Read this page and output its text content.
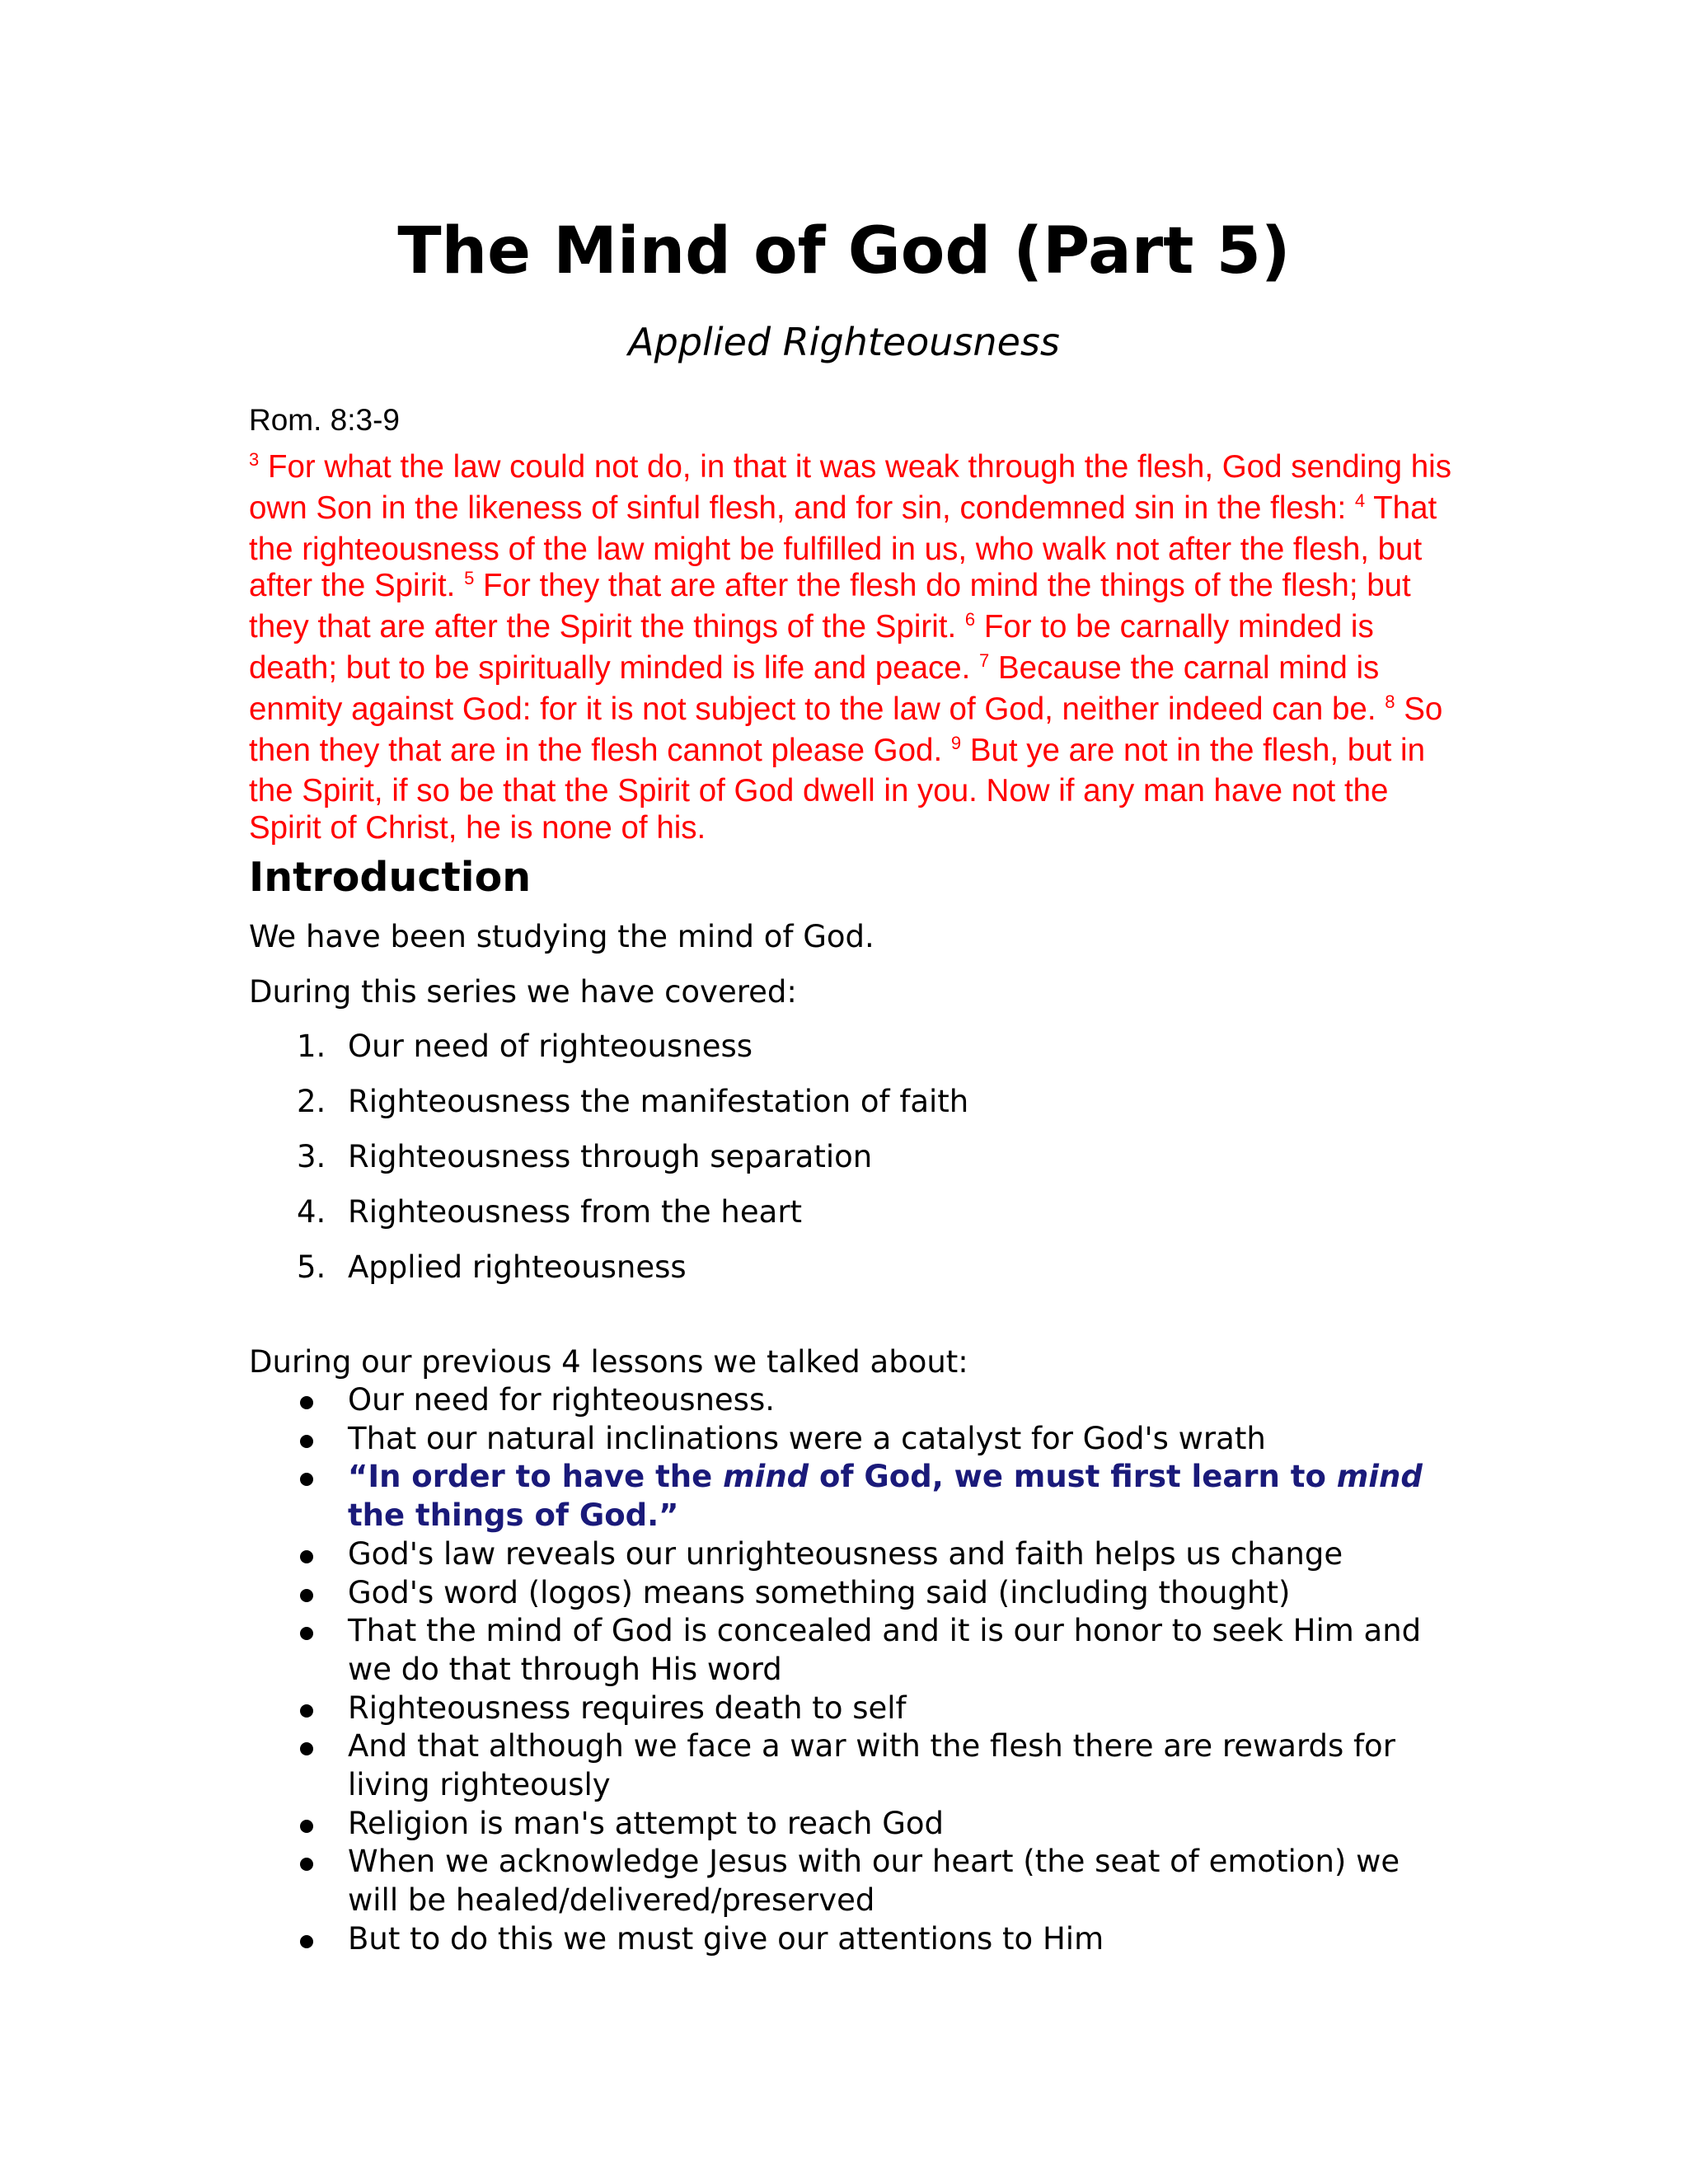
The Mind of God (Part 5)

Applied Righteousness

Rom. 8:3-9

$^3$ For what the law could not do, in that it was weak through the flesh, God sending his own Son in the likeness of sinful flesh, and for sin, condemned sin in the flesh: $^4$ That the righteousness of the law might be fulfilled in us, who walk not after the flesh, but after the Spirit. $^5$ For they that are after the flesh do mind the things of the flesh; but they that are after the Spirit the things of the Spirit. $^6$ For to be carnally minded is death; but to be spiritually minded is life and peace. $^7$ Because the carnal mind is enmity against God: for it is not subject to the law of God, neither indeed can be. $^8$ So then they that are in the flesh cannot please God. $^9$ But ye are not in the flesh, but in the Spirit, if so be that the Spirit of God dwell in you. Now if any man have not the Spirit of Christ, he is none of his.

Introduction

We have been studying the mind of God.

During this series we have covered:

1. Our need of righteousness
2. Righteousness the manifestation of faith
3. Righteousness through separation
4. Righteousness from the heart
5. Applied righteousness

During our previous 4 lessons we talked about:

Our need for righteousness.
That our natural inclinations were a catalyst for God's wrath
“In order to have the mind of God, we must first learn to mind the things of God.”
God's law reveals our unrighteousness and faith helps us change
God's word (logos) means something said (including thought)
That the mind of God is concealed and it is our honor to seek Him and we do that through His word
Righteousness requires death to self
And that although we face a war with the flesh there are rewards for living righteously
Religion is man's attempt to reach God
When we acknowledge Jesus with our heart (the seat of emotion) we will be healed/delivered/preserved
But to do this we must give our attentions to Him
